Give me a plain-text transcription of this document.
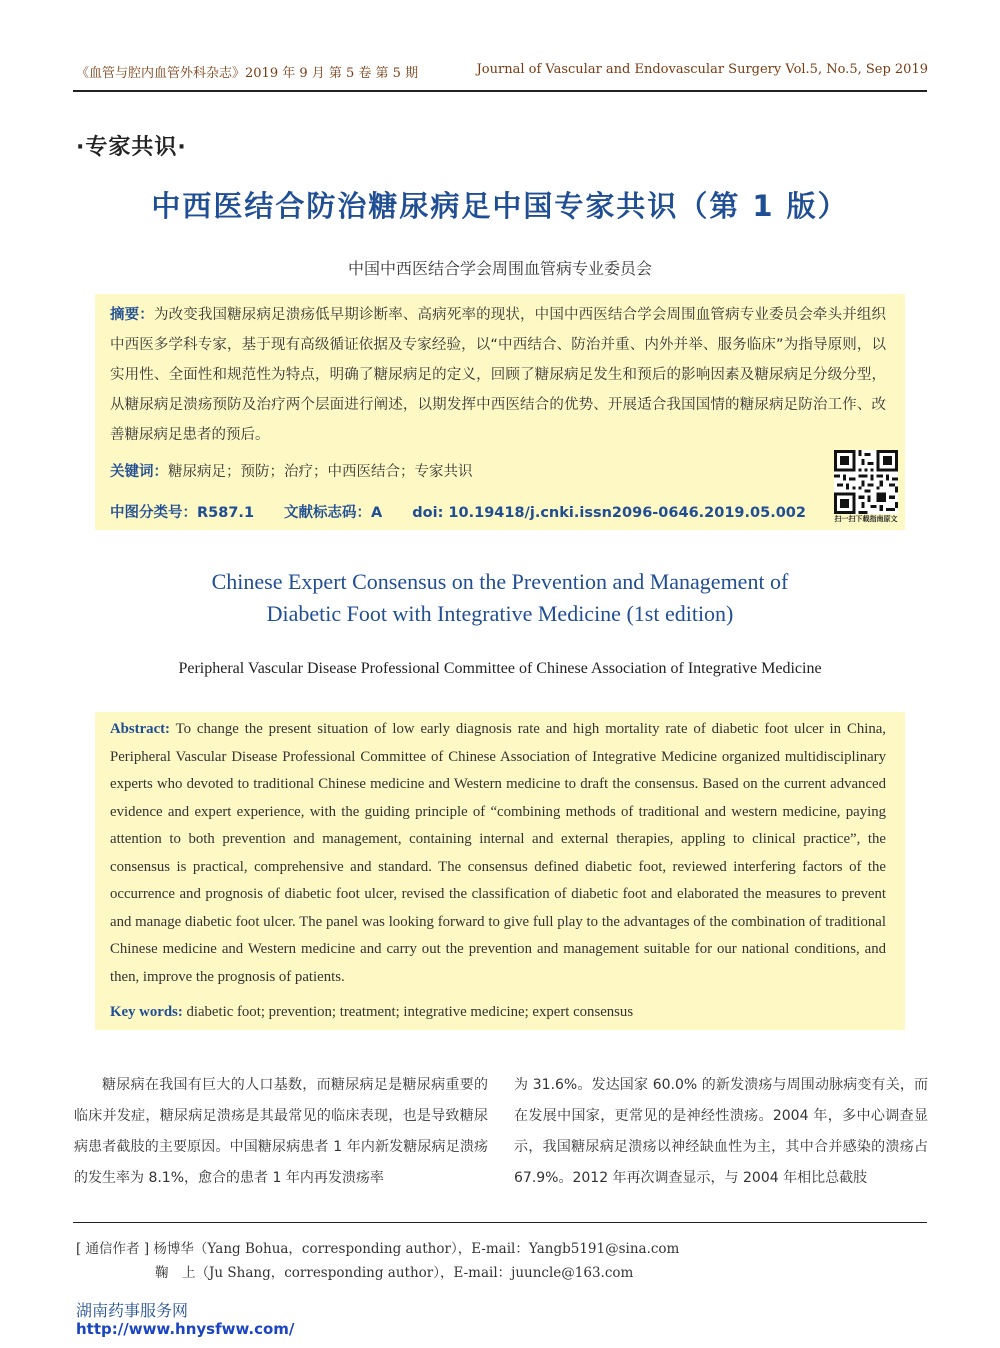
《血管与腔内血管外科杂志》2019 年 9 月 第 5 卷 第 5 期	Journal of Vascular and Endovascular Surgery Vol.5, No.5, Sep 2019
·专家共识·
中西医结合防治糖尿病足中国专家共识（第 1 版）
中国中西医结合学会周围血管病专业委员会
摘要：为改变我国糖尿病足溃疡低早期诊断率、高病死率的现状，中国中西医结合学会周围血管病专业委员会牵头并组织中西医多学科专家，基于现有高级循证依据及专家经验，以“中西结合、防治并重、内外并举、服务临床”为指导原则，以实用性、全面性和规范性为特点，明确了糖尿病足的定义，回顾了糖尿病足发生和预后的影响因素及糖尿病足分级分型，从糖尿病足溃疡预防及治疗两个层面进行阐述，以期发挥中西医结合的优势、开展适合我国国情的糖尿病足防治工作、改善糖尿病足患者的预后。
关键词：糖尿病足；预防；治疗；中西医结合；专家共识
中图分类号：R587.1 文献标志码：A doi: 10.19418/j.cnki.issn2096-0646.2019.05.002	扫一扫下载指南原文
Chinese Expert Consensus on the Prevention and Management of
Diabetic Foot with Integrative Medicine (1st edition)
Peripheral Vascular Disease Professional Committee of Chinese Association of Integrative Medicine
Abstract: To change the present situation of low early diagnosis rate and high mortality rate of diabetic foot ulcer in China, Peripheral Vascular Disease Professional Committee of Chinese Association of Integrative Medicine organized multidisciplinary experts who devoted to traditional Chinese medicine and Western medicine to draft the consensus. Based on the current advanced evidence and expert experience, with the guiding principle of “combining methods of traditional and western medicine, paying attention to both prevention and management, containing internal and external therapies, appling to clinical practice”, the consensus is practical, comprehensive and standard. The consensus defined diabetic foot, reviewed interfering factors of the occurrence and prognosis of diabetic foot ulcer, revised the classification of diabetic foot and elaborated the measures to prevent and manage diabetic foot ulcer. The panel was looking forward to give full play to the advantages of the combination of traditional Chinese medicine and Western medicine and carry out the prevention and management suitable for our national conditions, and then, improve the prognosis of patients.
Key words: diabetic foot; prevention; treatment; integrative medicine; expert consensus
糖尿病在我国有巨大的人口基数，而糖尿病足是糖尿病重要的临床并发症，糖尿病足溃疡是其最常见的临床表现，也是导致糖尿病患者截肢的主要原因。中国糖尿病患者 1 年内新发糖尿病足溃疡的发生率为 8.1%，愈合的患者 1 年内再发溃疡率
为 31.6%。发达国家 60.0% 的新发溃疡与周围动脉病变有关，而在发展中国家，更常见的是神经性溃疡。2004 年，多中心调查显示，我国糖尿病足溃疡以神经缺血性为主，其中合并感染的溃疡占 67.9%。2012 年再次调查显示，与 2004 年相比总截肢
[ 通信作者 ] 杨博华（Yang Bohua，corresponding author），E-mail：Yangb5191@sina.com
鞠　上（Ju Shang，corresponding author），E-mail：juuncle@163.com
湖南药事服务网
http://www.hnysfww.com/
